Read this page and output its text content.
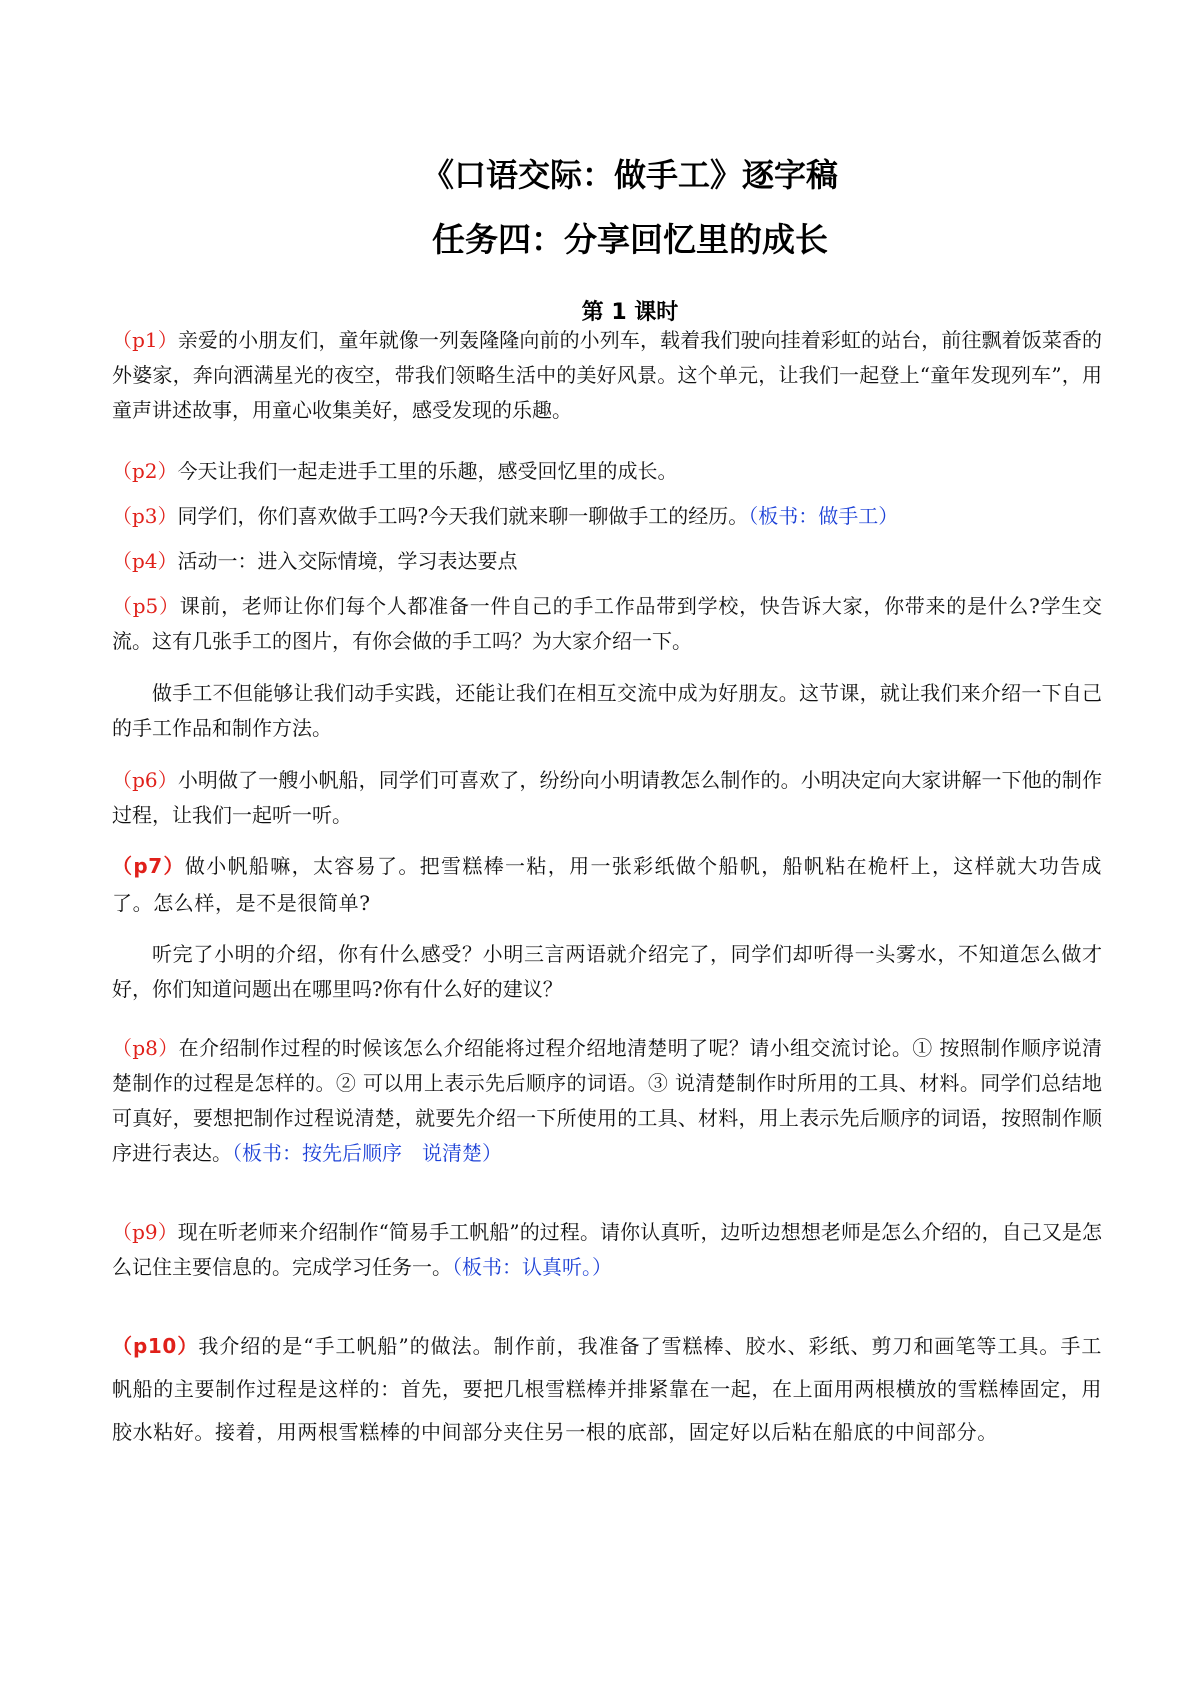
《口语交际：做手工》逐字稿
任务四：分享回忆里的成长
第 1 课时

（p1）亲爱的小朋友们，童年就像一列轰隆隆向前的小列车，载着我们驶向挂着彩虹的站台，前往飘着饭菜香的外婆家，奔向洒满星光的夜空，带我们领略生活中的美好风景。这个单元，让我们一起登上“童年发现列车”，用童声讲述故事，用童心收集美好，感受发现的乐趣。

（p2）今天让我们一起走进手工里的乐趣，感受回忆里的成长。

（p3）同学们，你们喜欢做手工吗?今天我们就来聊一聊做手工的经历。（板书：做手工）

（p4）活动一：进入交际情境，学习表达要点

（p5）课前，老师让你们每个人都准备一件自己的手工作品带到学校，快告诉大家，你带来的是什么?学生交流。这有几张手工的图片，有你会做的手工吗？为大家介绍一下。

做手工不但能够让我们动手实践，还能让我们在相互交流中成为好朋友。这节课，就让我们来介绍一下自己的手工作品和制作方法。

（p6）小明做了一艘小帆船，同学们可喜欢了，纷纷向小明请教怎么制作的。小明决定向大家讲解一下他的制作过程，让我们一起听一听。

（p7）做小帆船嘛，太容易了。把雪糕棒一粘，用一张彩纸做个船帆，船帆粘在桅杆上，这样就大功告成了。怎么样，是不是很简单?

听完了小明的介绍，你有什么感受？小明三言两语就介绍完了，同学们却听得一头雾水，不知道怎么做才好，你们知道问题出在哪里吗?你有什么好的建议？

（p8）在介绍制作过程的时候该怎么介绍能将过程介绍地清楚明了呢？请小组交流讨论。① 按照制作顺序说清楚制作的过程是怎样的。② 可以用上表示先后顺序的词语。③ 说清楚制作时所用的工具、材料。同学们总结地可真好，要想把制作过程说清楚，就要先介绍一下所使用的工具、材料，用上表示先后顺序的词语，按照制作顺序进行表达。（板书：按先后顺序　说清楚）

（p9）现在听老师来介绍制作“简易手工帆船”的过程。请你认真听，边听边想想老师是怎么介绍的，自己又是怎么记住主要信息的。完成学习任务一。（板书：认真听。）

（p10）我介绍的是“手工帆船”的做法。制作前，我准备了雪糕棒、胶水、彩纸、剪刀和画笔等工具。手工帆船的主要制作过程是这样的：首先，要把几根雪糕棒并排紧靠在一起，在上面用两根横放的雪糕棒固定，用胶水粘好。接着，用两根雪糕棒的中间部分夹住另一根的底部，固定好以后粘在船底的中间部分。
